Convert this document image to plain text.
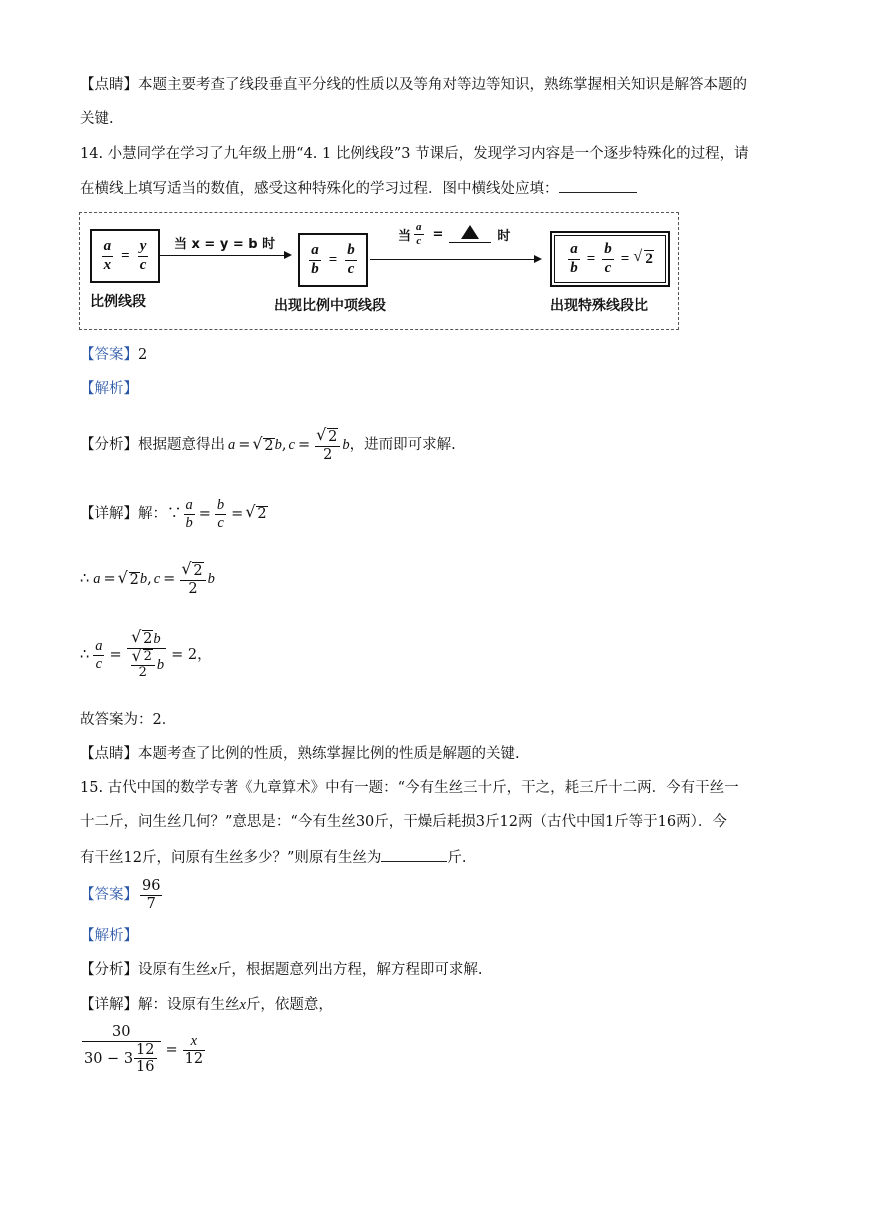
【点睛】本题主要考查了线段垂直平分线的性质以及等角对等边等知识，熟练掌握相关知识是解答本题的
关键.
14. 小慧同学在学习了九年级上册“4. 1 比例线段”3 节课后，发现学习内容是一个逐步特殊化的过程，请
在横线上填写适当的数值，感受这种特殊化的学习过程．图中横线处应填：
$\frac{a}{x} = \frac{y}{c}$ 当 x = y = b 时 $\frac{a}{b} = \frac{b}{c}$
当 $\frac{a}{c}$ =	时
$\frac{a}{b} = \frac{b}{c}$ =	√ 2
比例线段	出现比例中项线段	出现特殊线段比
【答案】2
【解析】
【分析】 根据题意得出 a = √ 2 b , c = √ $\frac{2}{2}$ b ，进而即可求解.
【详解】 解：∵ $\frac{a}{b} = \frac{b}{c}$ = √ 2
∴ a = √ 2 b , c = √ $\frac{2}{2}$ b
∴ $\frac{a}{c}$ = √ 2b
√ $\frac{2}{2}$ b = 2 ，
故答案为：2．
【点睛】本题考查了比例的性质，熟练掌握比例的性质是解题的关键.
15. 古代中国的数学专著《九章算术》中有一题：“今有生丝三十斤，干之，耗三斤十二两．今有干丝一
十二斤，问生丝几何？”意思是：“今有生丝30斤，干燥后耗损3斤12两（古代中国1斤等于16两）．今
有干丝12斤，问原有生丝多少？”则原有生丝为	斤.
【答案】 $\frac{96}{7}$
【解析】
【分析】设原有生丝x斤，根据题意列出方程，解方程即可求解.
【详解】解：设原有生丝x斤，依题意，
$\frac{30}{30 - 3 \frac{12}{16}} = \frac{x}{12}$
